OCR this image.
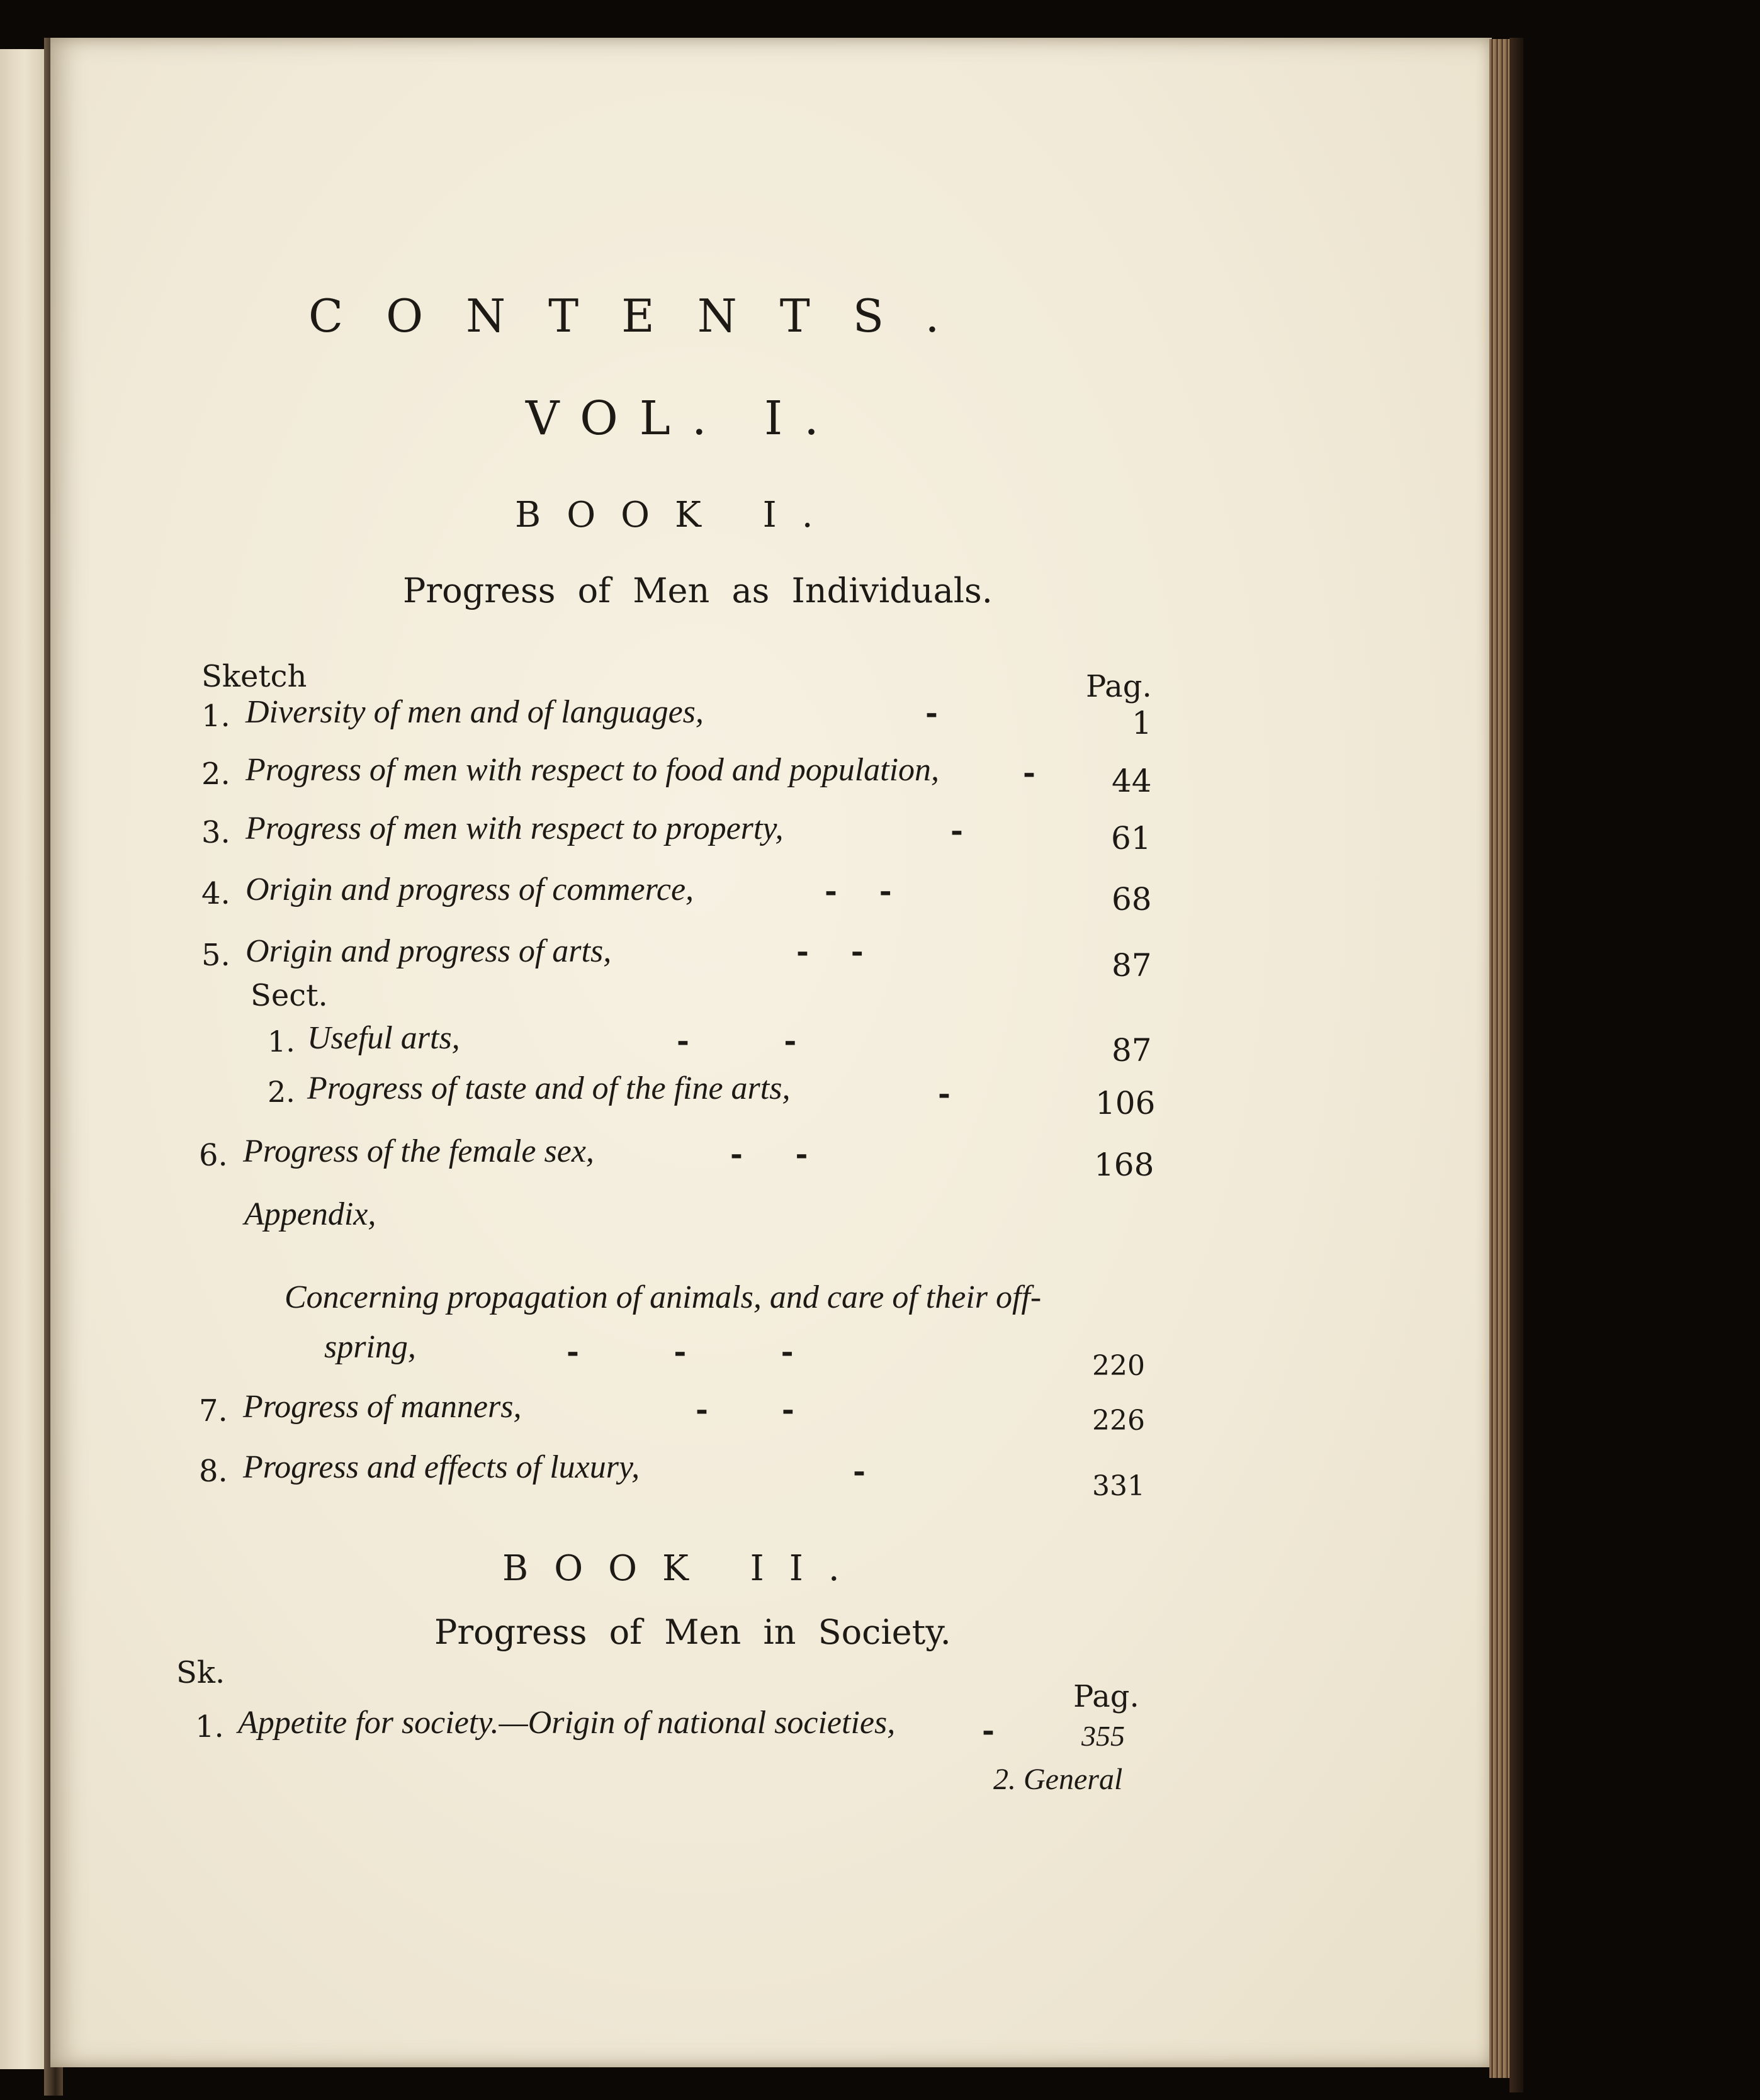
CONTENTS.
VOL. I.
BOOK I.
Progress of Men as Individuals.
Sketch	Pag.
1. Diversity of men and of languages,	-	1
2. Progress of men with respect to food and population,	- 44
3. Progress of men with respect to property,	-	61
4. Origin and progress of commerce,	-    -	68
5. Origin and progress of arts,	-    -	87
Sect.
1. Useful arts,	-         -	87
2. Progress of taste and of the fine arts,	-	106
6. Progress of the female sex,	-     -	168
Appendix,
Concerning propagation of animals, and care of their off-
spring,	-         -         -	220
7. Progress of manners,	-       -	226
8. Progress and effects of luxury,	-	331
BOOK II.
Progress of Men in Society.
Sk.
Pag.
1. Appetite for society.—Origin of national societies,	-	355
2. General
